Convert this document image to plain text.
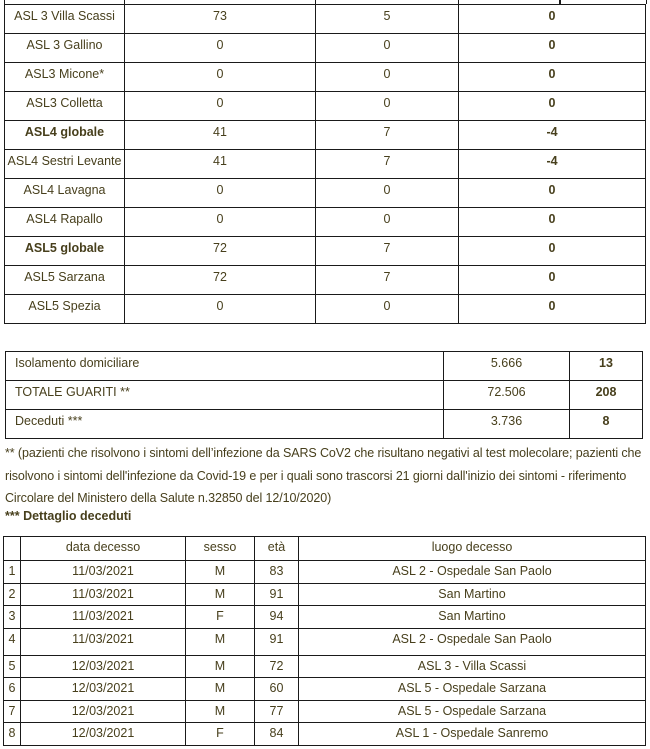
ASL 3 Villa Scassi	73	5	0
ASL 3 Gallino	0	0	0
ASL3 Micone*	0	0	0
ASL3 Colletta	0	0	0
ASL4 globale	41	7	-4
ASL4 Sestri Levante	41	7	-4
ASL4 Lavagna	0	0	0
ASL4 Rapallo	0	0	0
ASL5 globale	72	7	0
ASL5 Sarzana	72	7	0
ASL5 Spezia	0	0	0
Isolamento domiciliare	5.666	13
TOTALE GUARITI **	72.506	208
Deceduti ***	3.736	8

** (pazienti che risolvono i sintomi dell’infezione da SARS CoV2 che risultano negativi al test molecolare; pazienti che risolvono i sintomi dell'infezione da Covid-19 e per i quali sono trascorsi 21 giorni dall'inizio dei sintomi - riferimento Circolare del Ministero della Salute n.32850 del 12/10/2020)

*** Dettaglio deceduti

	data decesso	sesso	età	luogo decesso
1	11/03/2021	M	83	ASL 2 - Ospedale San Paolo
2	11/03/2021	M	91	San Martino
3	11/03/2021	F	94	San Martino
4	11/03/2021	M	91	ASL 2 - Ospedale San Paolo
5	12/03/2021	M	72	ASL 3 - Villa Scassi
6	12/03/2021	M	60	ASL 5 - Ospedale Sarzana
7	12/03/2021	M	77	ASL 5 - Ospedale Sarzana
8	12/03/2021	F	84	ASL 1 - Ospedale Sanremo
